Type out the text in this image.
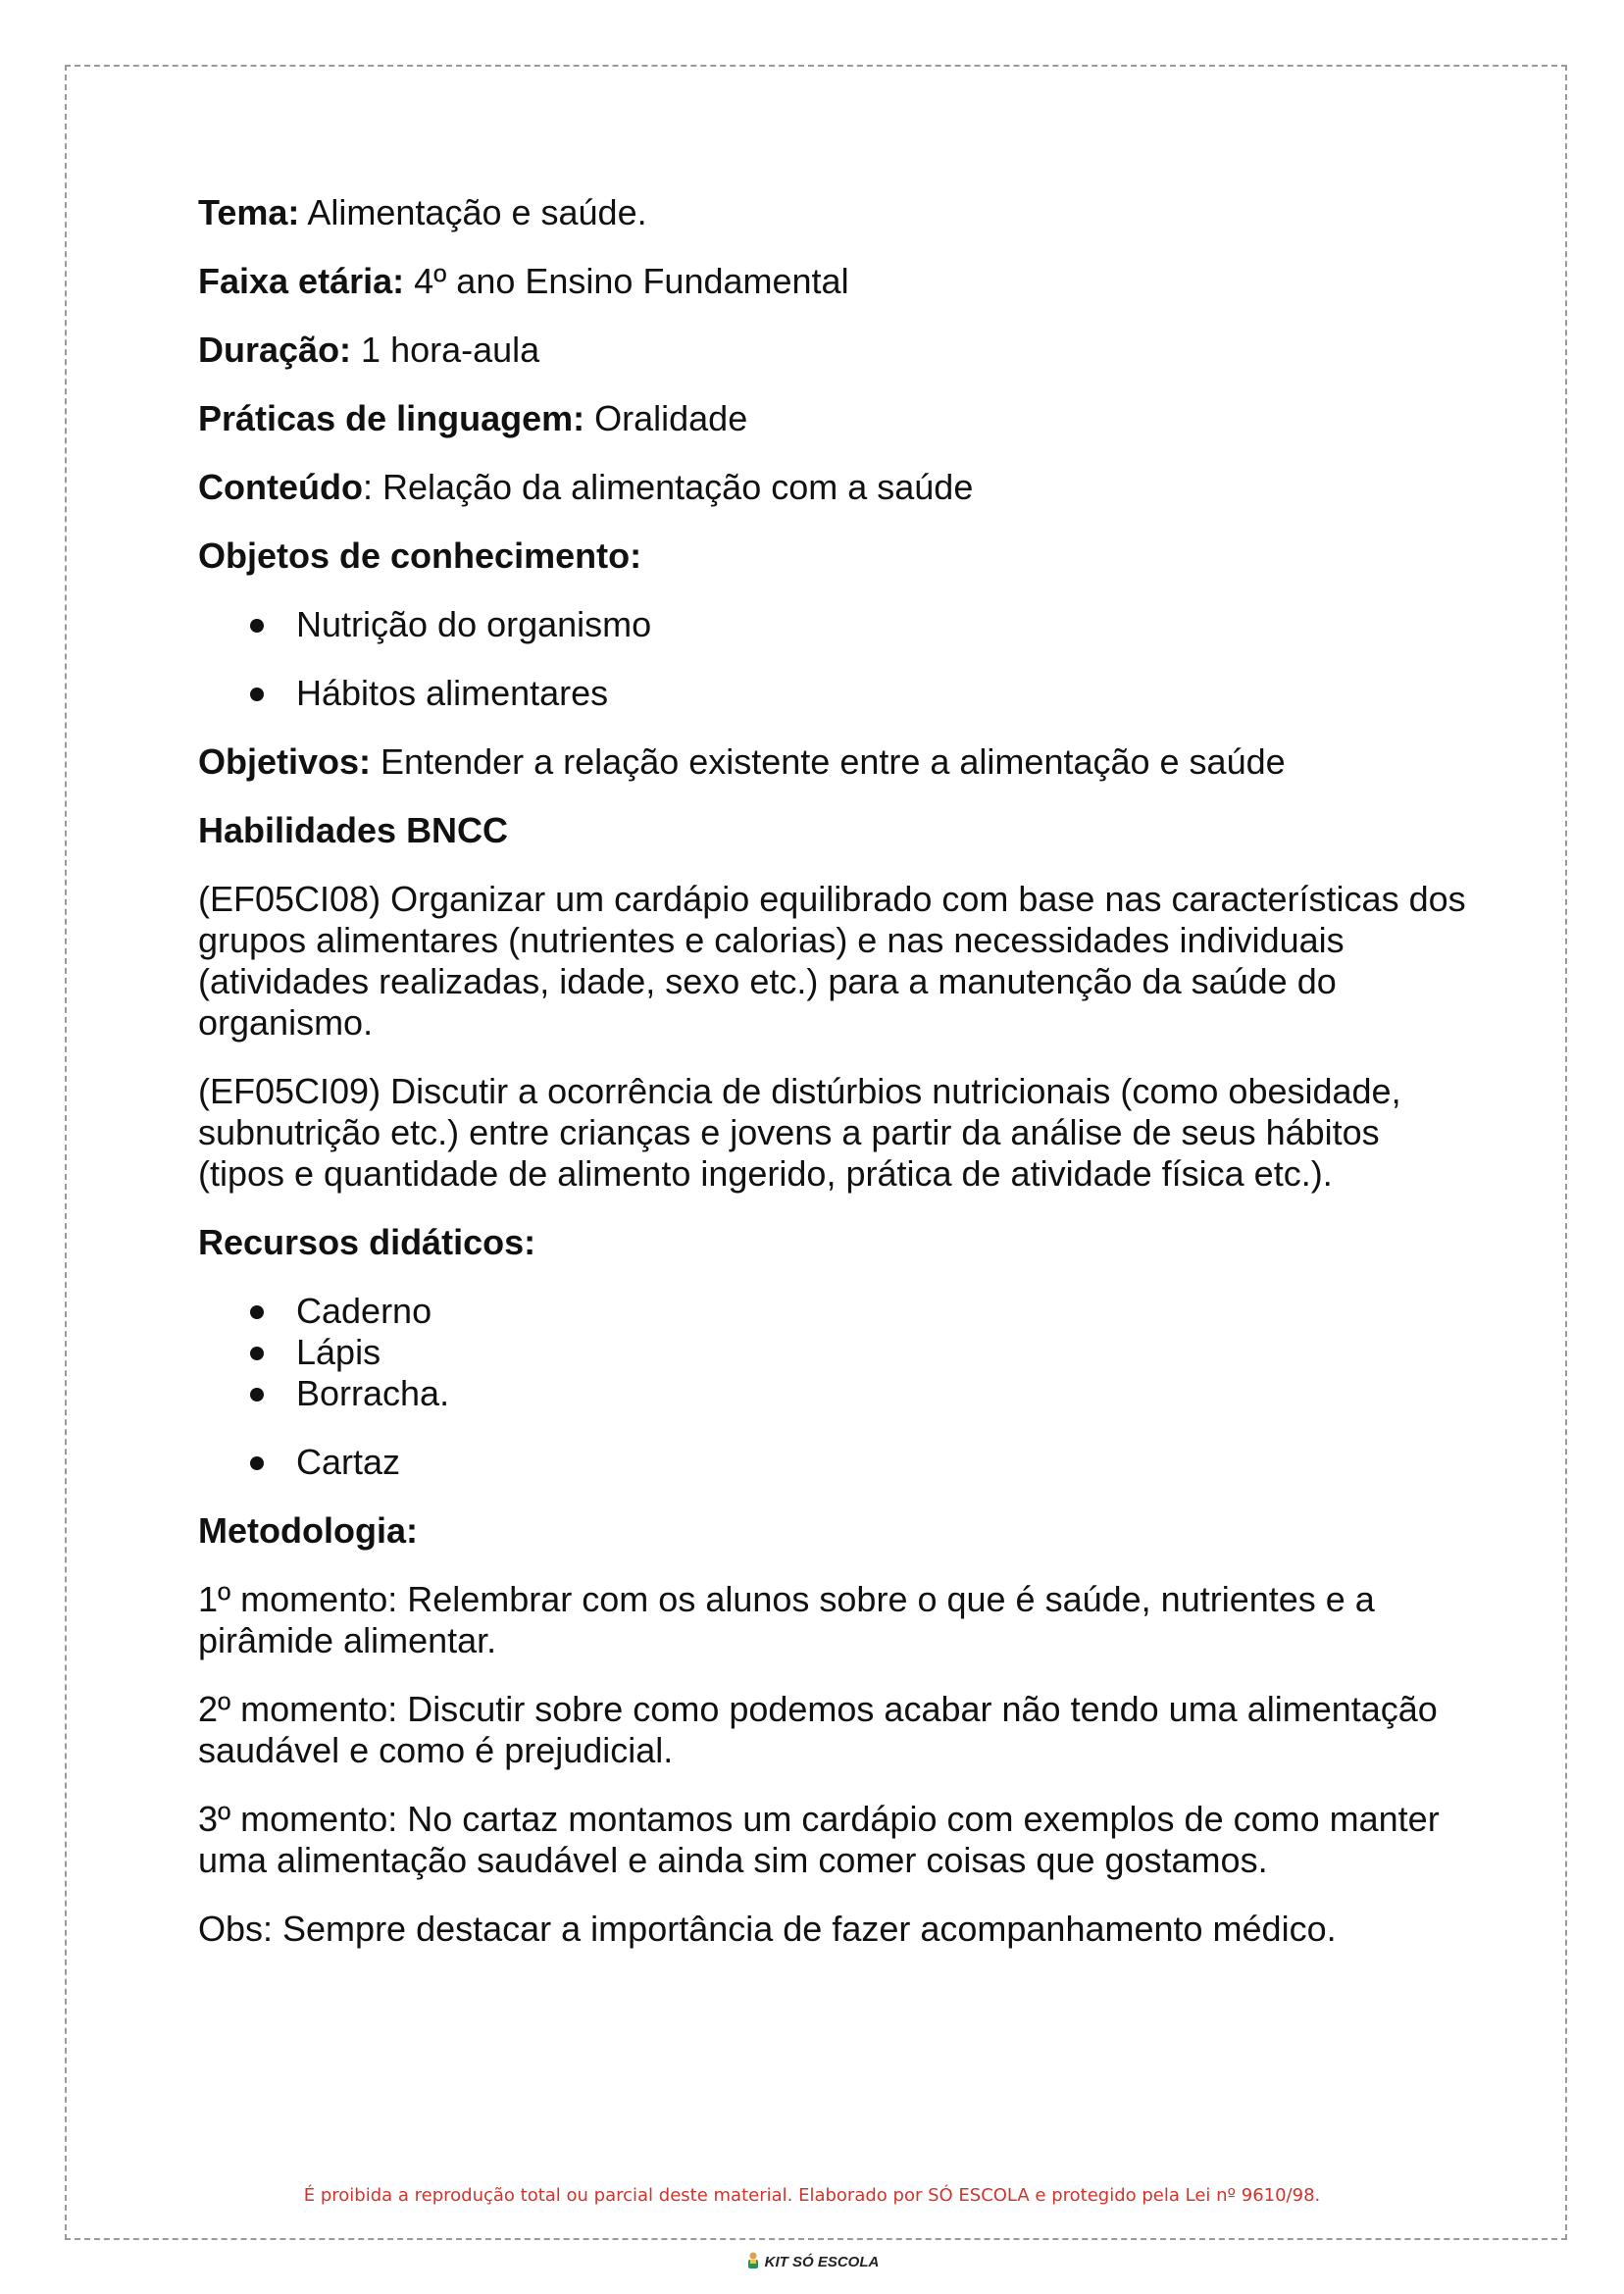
Tema: Alimentação e saúde.

Faixa etária: 4º ano Ensino Fundamental

Duração: 1 hora-aula

Práticas de linguagem: Oralidade

Conteúdo: Relação da alimentação com a saúde

Objetos de conhecimento:

Nutrição do organismo
Hábitos alimentares

Objetivos: Entender a relação existente entre a alimentação e saúde

Habilidades BNCC

(EF05CI08) Organizar um cardápio equilibrado com base nas características dos grupos alimentares (nutrientes e calorias) e nas necessidades individuais (atividades realizadas, idade, sexo etc.) para a manutenção da saúde do organismo.

(EF05CI09) Discutir a ocorrência de distúrbios nutricionais (como obesidade, subnutrição etc.) entre crianças e jovens a partir da análise de seus hábitos (tipos e quantidade de alimento ingerido, prática de atividade física etc.).

Recursos didáticos:

Caderno
Lápis
Borracha.
Cartaz

Metodologia:

1º momento: Relembrar com os alunos sobre o que é saúde, nutrientes e a pirâmide alimentar.

2º momento: Discutir sobre como podemos acabar não tendo uma alimentação saudável e como é prejudicial.

3º momento: No cartaz montamos um cardápio com exemplos de como manter uma alimentação saudável e ainda sim comer coisas que gostamos.

Obs: Sempre destacar a importância de fazer acompanhamento médico.

É proibida a reprodução total ou parcial deste material. Elaborado por SÓ ESCOLA e protegido pela Lei nº 9610/98.
KIT SÓ ESCOLA
